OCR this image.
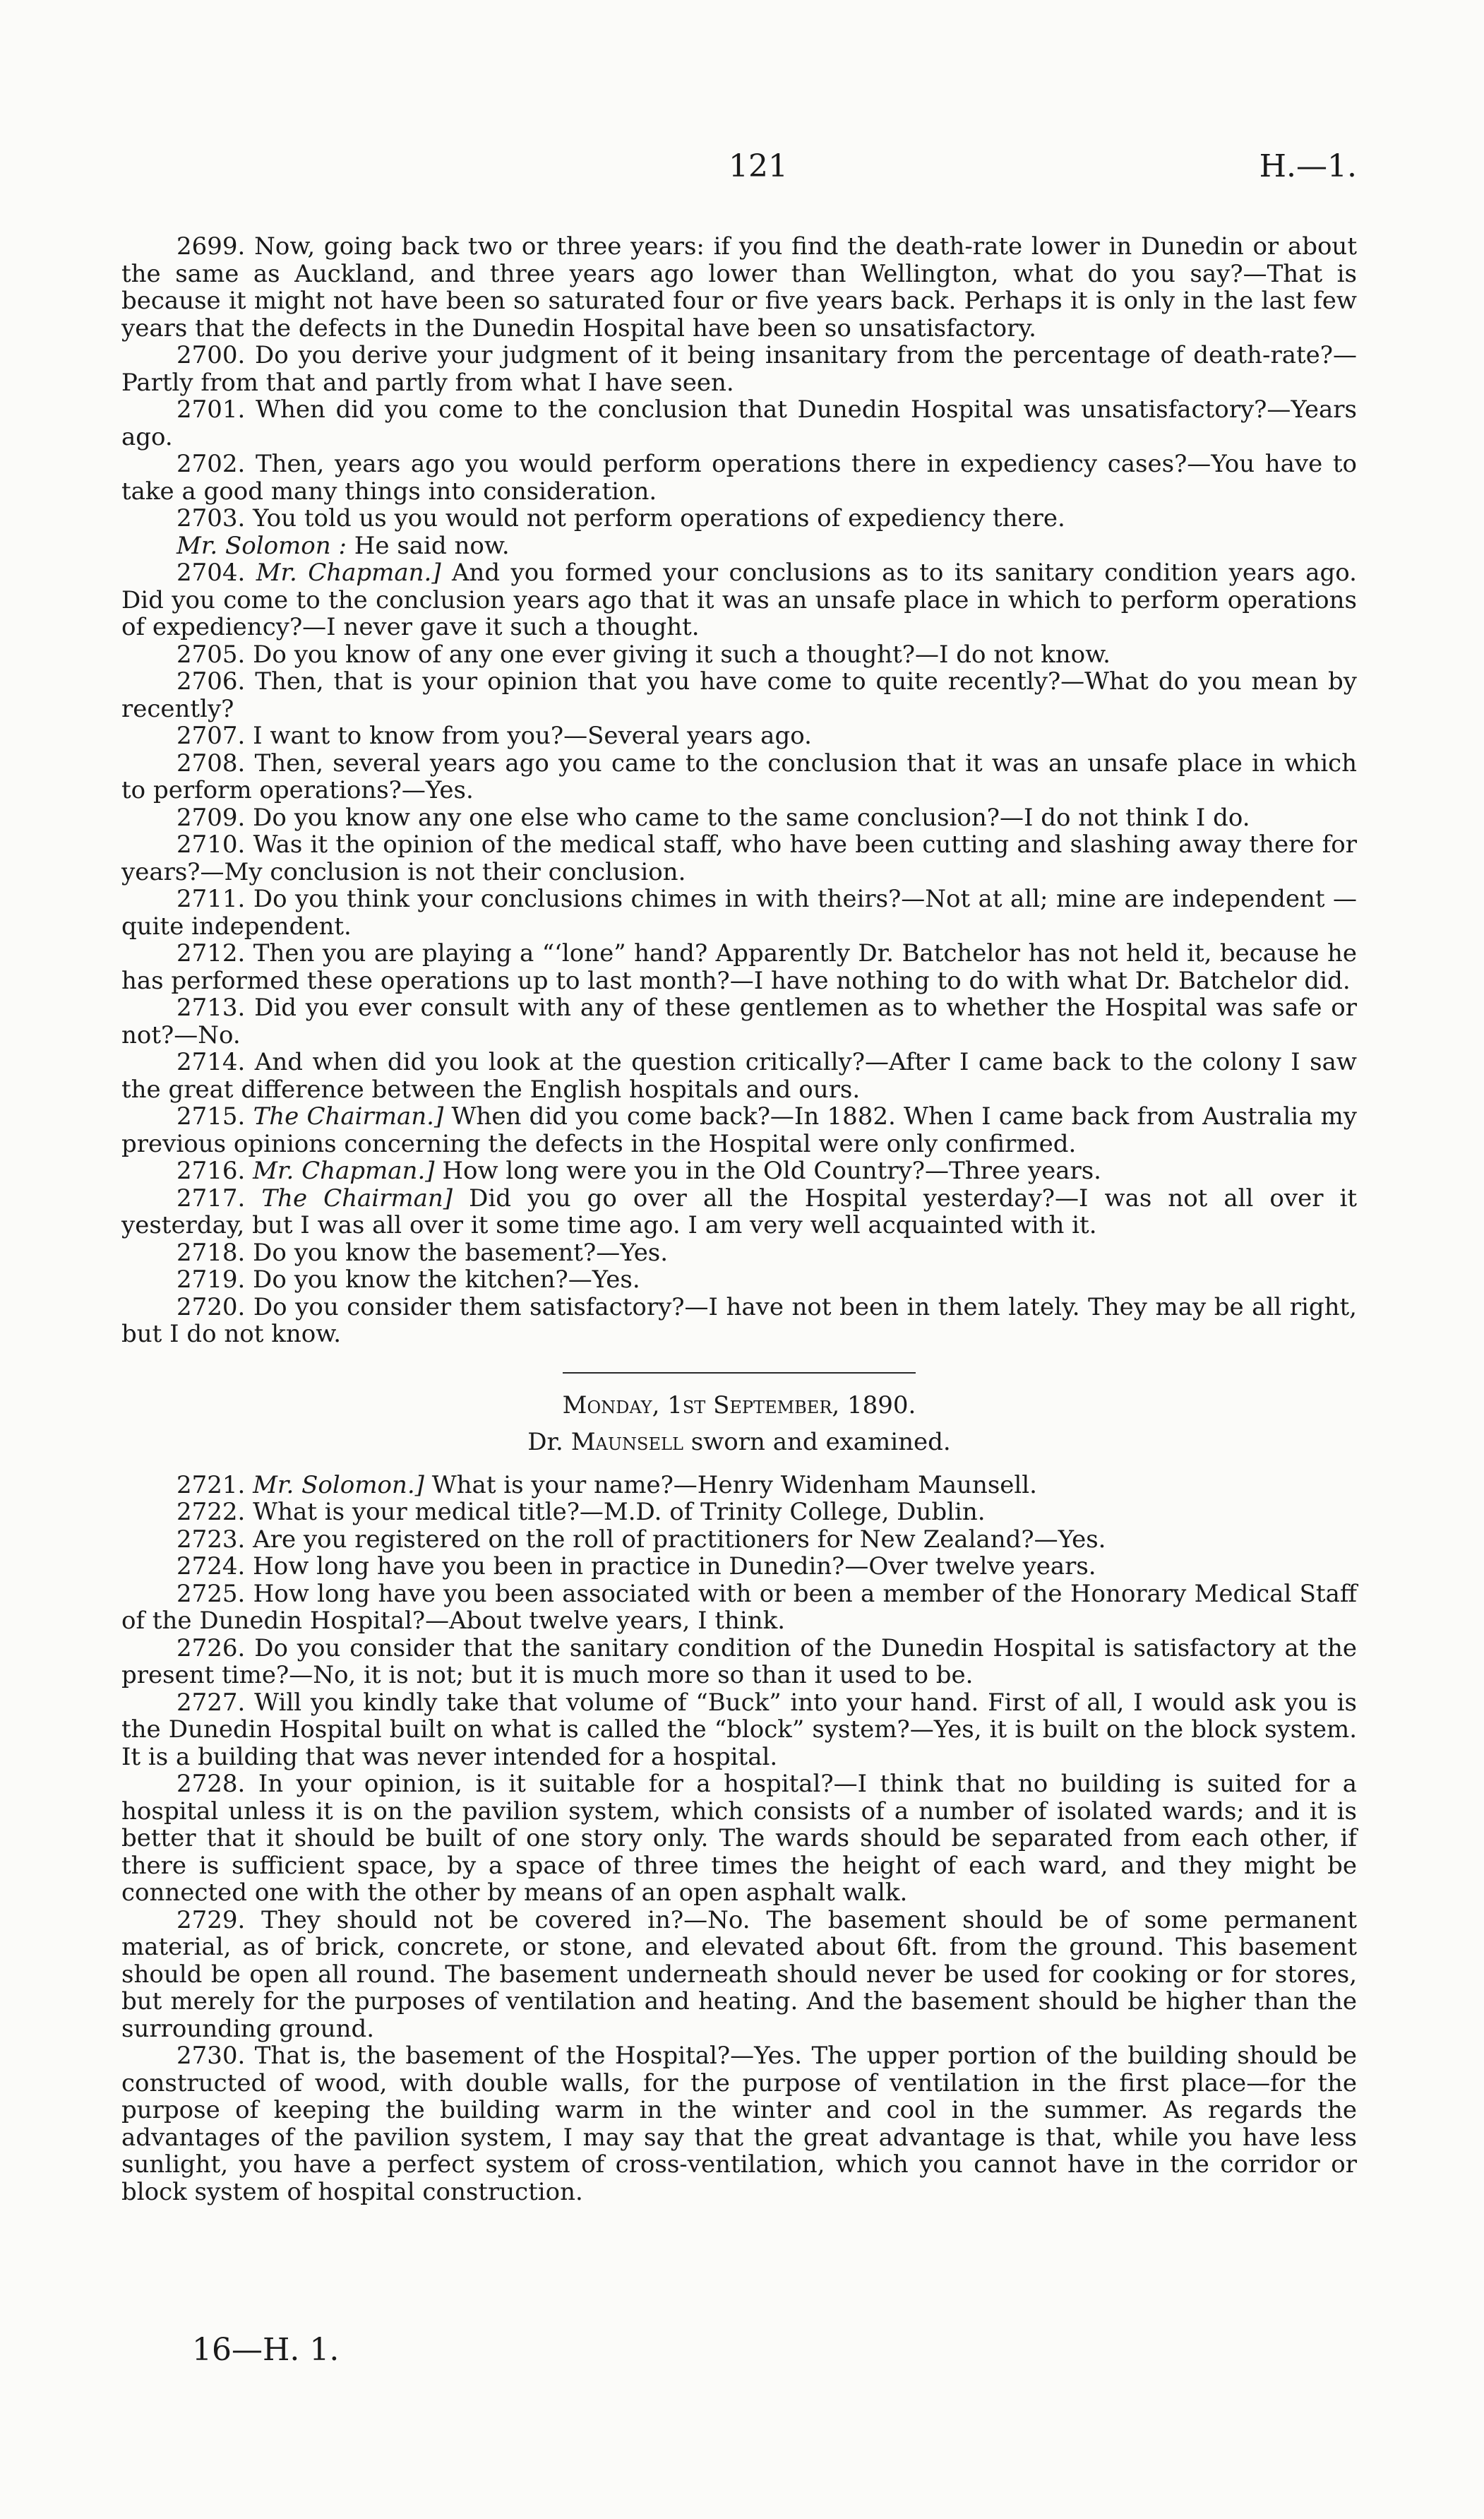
121	H.—1.

2699. Now, going back two or three years: if you find the death-rate lower in Dunedin or about the same as Auckland, and three years ago lower than Wellington, what do you say?—That is because it might not have been so saturated four or five years back. Perhaps it is only in the last few years that the defects in the Dunedin Hospital have been so unsatisfactory.

2700. Do you derive your judgment of it being insanitary from the percentage of death-rate?—Partly from that and partly from what I have seen.

2701. When did you come to the conclusion that Dunedin Hospital was unsatisfactory?—Years ago.

2702. Then, years ago you would perform operations there in expediency cases?—You have to take a good many things into consideration.

2703. You told us you would not perform operations of expediency there.

Mr. Solomon : He said now.

2704. Mr. Chapman.] And you formed your conclusions as to its sanitary condition years ago. Did you come to the conclusion years ago that it was an unsafe place in which to perform operations of expediency?—I never gave it such a thought.

2705. Do you know of any one ever giving it such a thought?—I do not know.

2706. Then, that is your opinion that you have come to quite recently?—What do you mean by recently?

2707. I want to know from you?—Several years ago.

2708. Then, several years ago you came to the conclusion that it was an unsafe place in which to perform operations?—Yes.

2709. Do you know any one else who came to the same conclusion?—I do not think I do.

2710. Was it the opinion of the medical staff, who have been cutting and slashing away there for years?—My conclusion is not their conclusion.

2711. Do you think your conclusions chimes in with theirs?—Not at all; mine are independent —quite independent.

2712. Then you are playing a “‘lone” hand? Apparently Dr. Batchelor has not held it, because he has performed these operations up to last month?—I have nothing to do with what Dr. Batchelor did.

2713. Did you ever consult with any of these gentlemen as to whether the Hospital was safe or not?—No.

2714. And when did you look at the question critically?—After I came back to the colony I saw the great difference between the English hospitals and ours.

2715. The Chairman.] When did you come back?—In 1882. When I came back from Australia my previous opinions concerning the defects in the Hospital were only confirmed.

2716. Mr. Chapman.] How long were you in the Old Country?—Three years.

2717. The Chairman] Did you go over all the Hospital yesterday?—I was not all over it yesterday, but I was all over it some time ago. I am very well acquainted with it.

2718. Do you know the basement?—Yes.

2719. Do you know the kitchen?—Yes.

2720. Do you consider them satisfactory?—I have not been in them lately. They may be all right, but I do not know.

Monday, 1st September, 1890.
Dr. Maunsell sworn and examined.

2721. Mr. Solomon.] What is your name?—Henry Widenham Maunsell.

2722. What is your medical title?—M.D. of Trinity College, Dublin.

2723. Are you registered on the roll of practitioners for New Zealand?—Yes.

2724. How long have you been in practice in Dunedin?—Over twelve years.

2725. How long have you been associated with or been a member of the Honorary Medical Staff of the Dunedin Hospital?—About twelve years, I think.

2726. Do you consider that the sanitary condition of the Dunedin Hospital is satisfactory at the present time?—No, it is not; but it is much more so than it used to be.

2727. Will you kindly take that volume of “Buck” into your hand. First of all, I would ask you is the Dunedin Hospital built on what is called the “block” system?—Yes, it is built on the block system. It is a building that was never intended for a hospital.

2728. In your opinion, is it suitable for a hospital?—I think that no building is suited for a hospital unless it is on the pavilion system, which consists of a number of isolated wards; and it is better that it should be built of one story only. The wards should be separated from each other, if there is sufficient space, by a space of three times the height of each ward, and they might be connected one with the other by means of an open asphalt walk.

2729. They should not be covered in?—No. The basement should be of some permanent material, as of brick, concrete, or stone, and elevated about 6ft. from the ground. This basement should be open all round. The basement underneath should never be used for cooking or for stores, but merely for the purposes of ventilation and heating. And the basement should be higher than the surrounding ground.

2730. That is, the basement of the Hospital?—Yes. The upper portion of the building should be constructed of wood, with double walls, for the purpose of ventilation in the first place—for the purpose of keeping the building warm in the winter and cool in the summer. As regards the advantages of the pavilion system, I may say that the great advantage is that, while you have less sunlight, you have a perfect system of cross-ventilation, which you cannot have in the corridor or block system of hospital construction.

16—H. 1.
